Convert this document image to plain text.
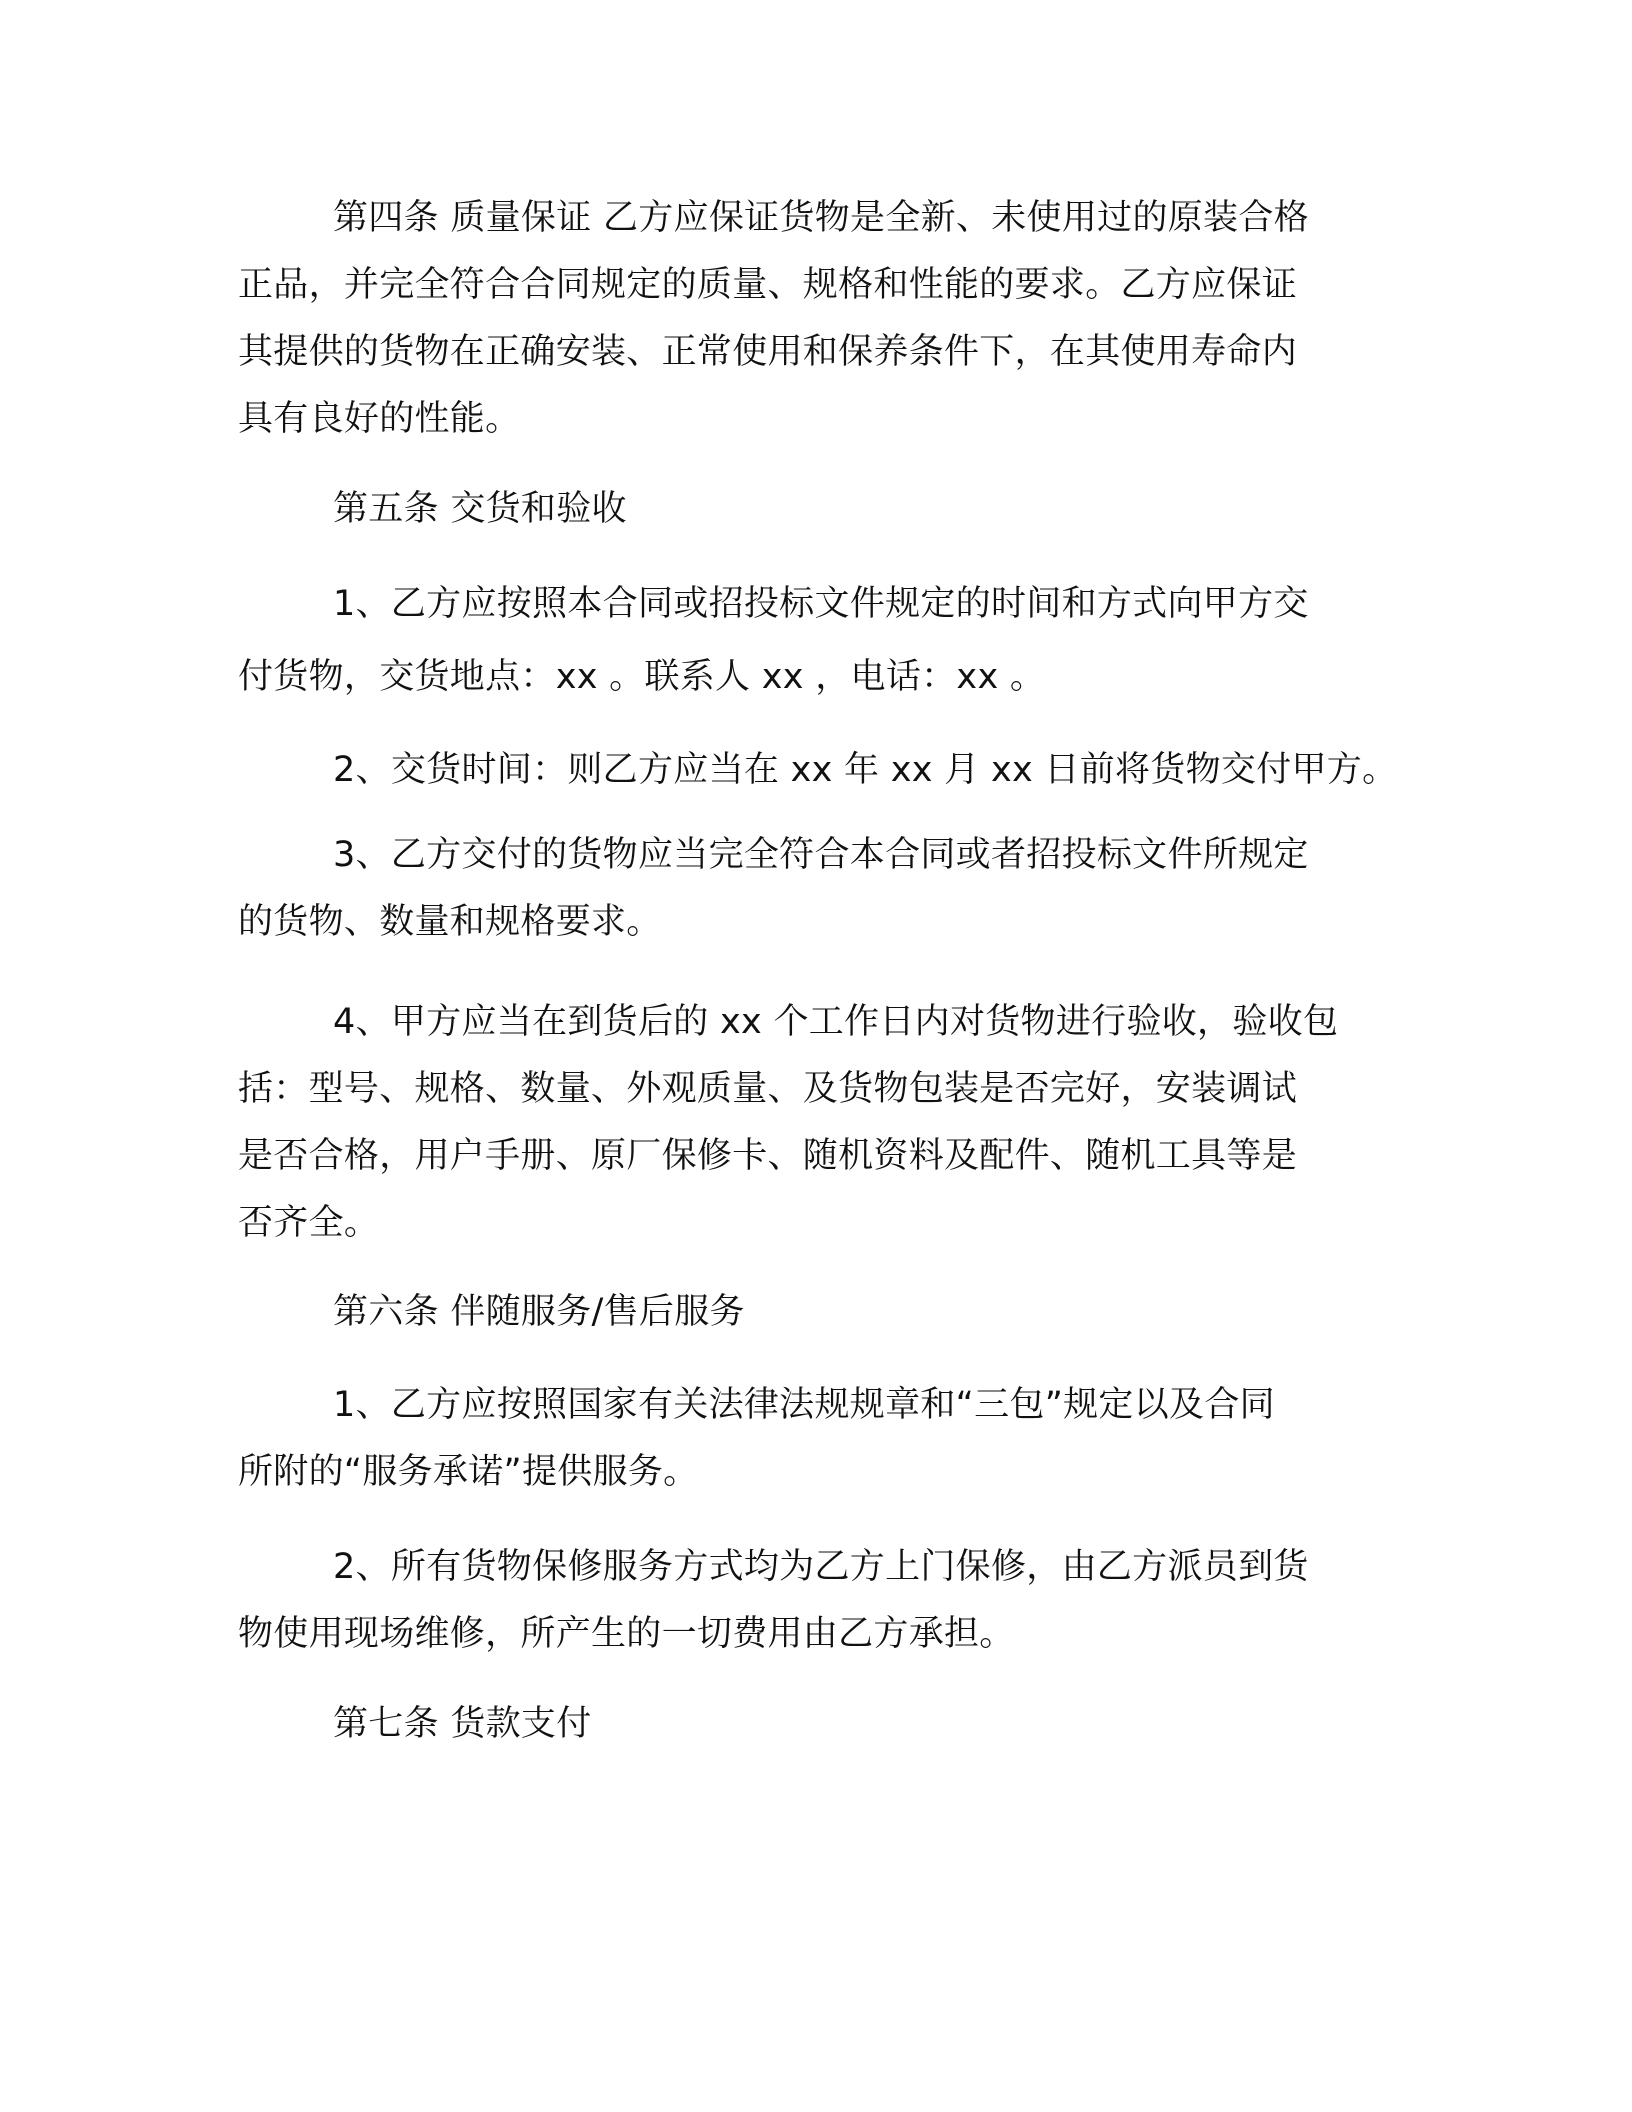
第四条 质量保证 乙方应保证货物是全新、未使用过的原装合格
正品，并完全符合合同规定的质量、规格和性能的要求。乙方应保证
其提供的货物在正确安装、正常使用和保养条件下，在其使用寿命内
具有良好的性能。
第五条 交货和验收
1、乙方应按照本合同或招投标文件规定的时间和方式向甲方交
付货物，交货地点：xx 。联系人 xx ，电话：xx 。
2、交货时间：则乙方应当在 xx 年 xx 月 xx 日前将货物交付甲方。
3、乙方交付的货物应当完全符合本合同或者招投标文件所规定
的货物、数量和规格要求。
4、甲方应当在到货后的 xx 个工作日内对货物进行验收，验收包
括：型号、规格、数量、外观质量、及货物包装是否完好，安装调试
是否合格，用户手册、原厂保修卡、随机资料及配件、随机工具等是
否齐全。
第六条 伴随服务/售后服务
1、乙方应按照国家有关法律法规规章和“三包”规定以及合同
所附的“服务承诺”提供服务。
2、所有货物保修服务方式均为乙方上门保修，由乙方派员到货
物使用现场维修，所产生的一切费用由乙方承担。
第七条 货款支付
